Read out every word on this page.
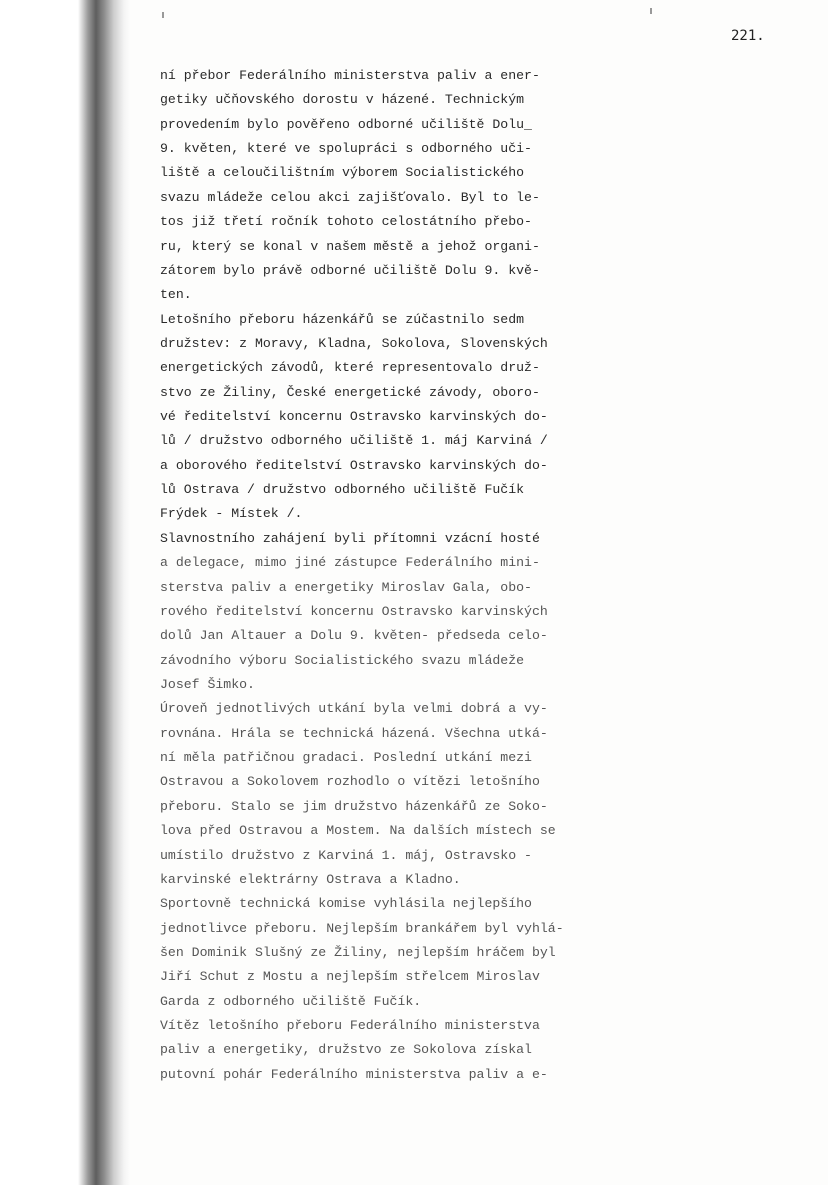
221.
ní přebor Federálního ministerstva paliv a ener-
getiky učňovského dorostu v házené. Technickým
provedením bylo pověřeno odborné učiliště Dolu_
9. květen, které ve spolupráci s odborného uči-
liště a celoučilištním výborem Socialistického
svazu mládeže celou akci zajišťovalo. Byl to le-
tos již třetí ročník tohoto celostátního přebo-
ru, který se konal v našem městě a jehož organi-
zátorem bylo právě odborné učiliště Dolu 9. kvě-
ten.
Letošního přeboru házenkářů se zúčastnilo sedm
družstev: z Moravy, Kladna, Sokolova, Slovenských
energetických závodů, které representovalo druž-
stvo ze Žiliny, České energetické závody, oboro-
vé ředitelství koncernu Ostravsko karvinských do-
lů / družstvo odborného učiliště 1. máj Karviná /
a oborového ředitelství Ostravsko karvinských do-
lů Ostrava / družstvo odborného učiliště Fučík
Frýdek - Místek /.
Slavnostního zahájení byli přítomni vzácní hosté
a delegace, mimo jiné zástupce Federálního mini-
sterstva paliv a energetiky Miroslav Gala, obo-
rového ředitelství koncernu Ostravsko karvinských
dolů Jan Altauer a Dolu 9. květen- předseda celo-
závodního výboru Socialistického svazu mládeže
Josef Šimko.
Úroveň jednotlivých utkání byla velmi dobrá a vy-
rovnána. Hrála se technická házená. Všechna utká-
ní měla patřičnou gradaci. Poslední utkání mezi
Ostravou a Sokolovem rozhodlo o vítězi letošního
přeboru. Stalo se jim družstvo házenkářů ze Soko-
lova před Ostravou a Mostem. Na dalších místech se
umístilo družstvo z Karviná 1. máj, Ostravsko -
karvinské elektrárny Ostrava a Kladno.
Sportovně technická komise vyhlásila nejlepšího
jednotlivce přeboru. Nejlepším brankářem byl vyhlá-
šen Dominik Slušný ze Žiliny, nejlepším hráčem byl
Jiří Schut z Mostu a nejlepším střelcem Miroslav
Garda z odborného učiliště Fučík.
Vítěz letošního přeboru Federálního ministerstva
paliv a energetiky, družstvo ze Sokolova získal
putovní pohár Federálního ministerstva paliv a e-
